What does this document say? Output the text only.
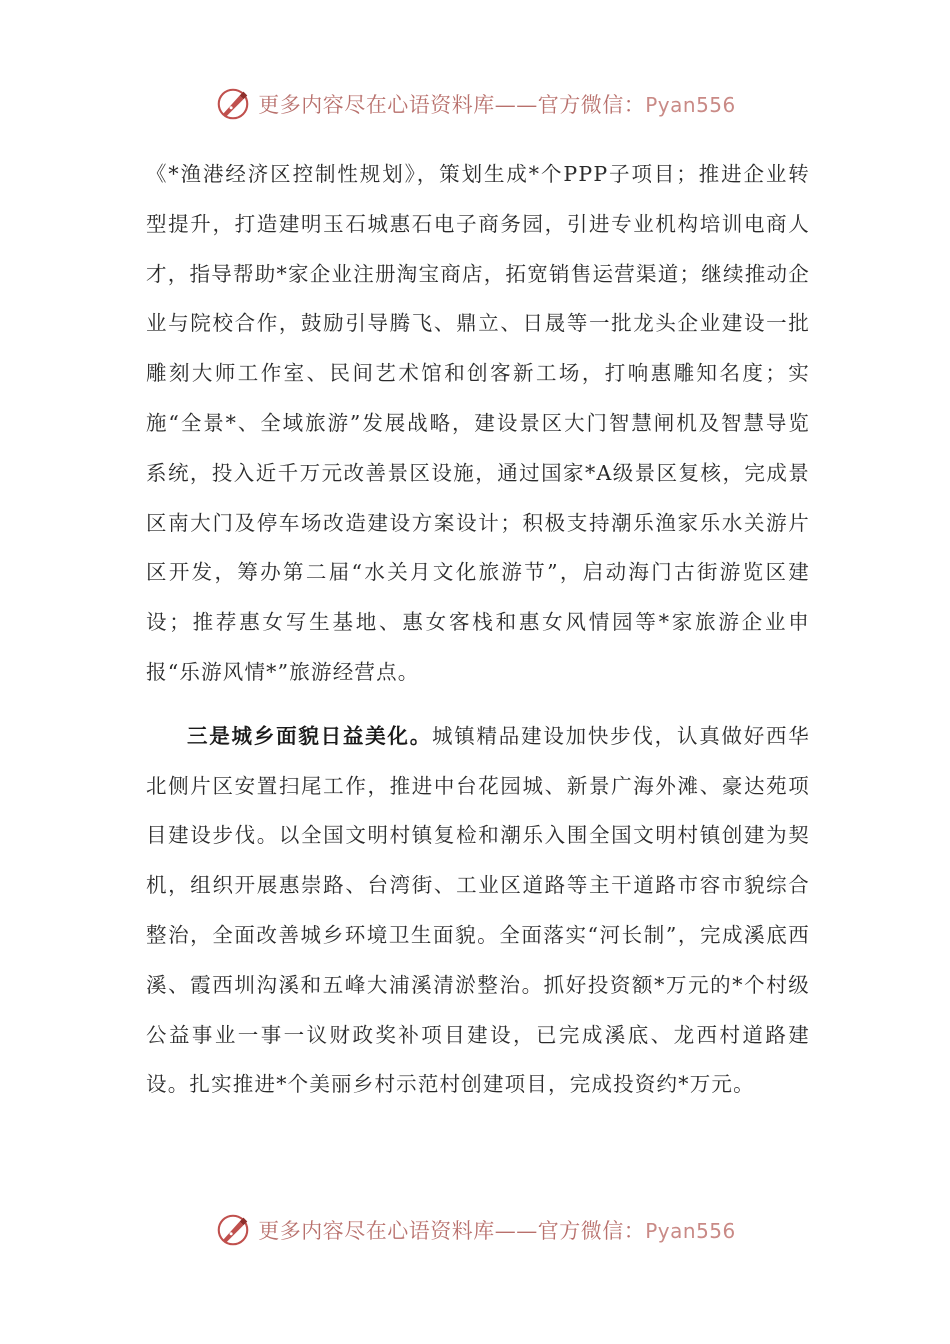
更多内容尽在心语资料库——官方微信：Pyan556

《*渔港经济区控制性规划》，策划生成*个PPP子项目；推进企业转型提升，打造建明玉石城惠石电子商务园，引进专业机构培训电商人才，指导帮助*家企业注册淘宝商店，拓宽销售运营渠道；继续推动企业与院校合作，鼓励引导腾飞、鼎立、日晟等一批龙头企业建设一批雕刻大师工作室、民间艺术馆和创客新工场，打响惠雕知名度；实施“全景*、全域旅游”发展战略，建设景区大门智慧闸机及智慧导览系统，投入近千万元改善景区设施，通过国家*A级景区复核，完成景区南大门及停车场改造建设方案设计；积极支持潮乐渔家乐水关游片区开发，筹办第二届“水关月文化旅游节”，启动海门古街游览区建设；推荐惠女写生基地、惠女客栈和惠女风情园等*家旅游企业申报“乐游风情*”旅游经营点。

三是城乡面貌日益美化。城镇精品建设加快步伐，认真做好西华北侧片区安置扫尾工作，推进中台花园城、新景广海外滩、豪达苑项目建设步伐。以全国文明村镇复检和潮乐入围全国文明村镇创建为契机，组织开展惠崇路、台湾街、工业区道路等主干道路市容市貌综合整治，全面改善城乡环境卫生面貌。全面落实“河长制”，完成溪底西溪、霞西圳沟溪和五峰大浦溪清淤整治。抓好投资额*万元的*个村级公益事业一事一议财政奖补项目建设，已完成溪底、龙西村道路建设。扎实推进*个美丽乡村示范村创建项目，完成投资约*万元。

更多内容尽在心语资料库——官方微信：Pyan556
